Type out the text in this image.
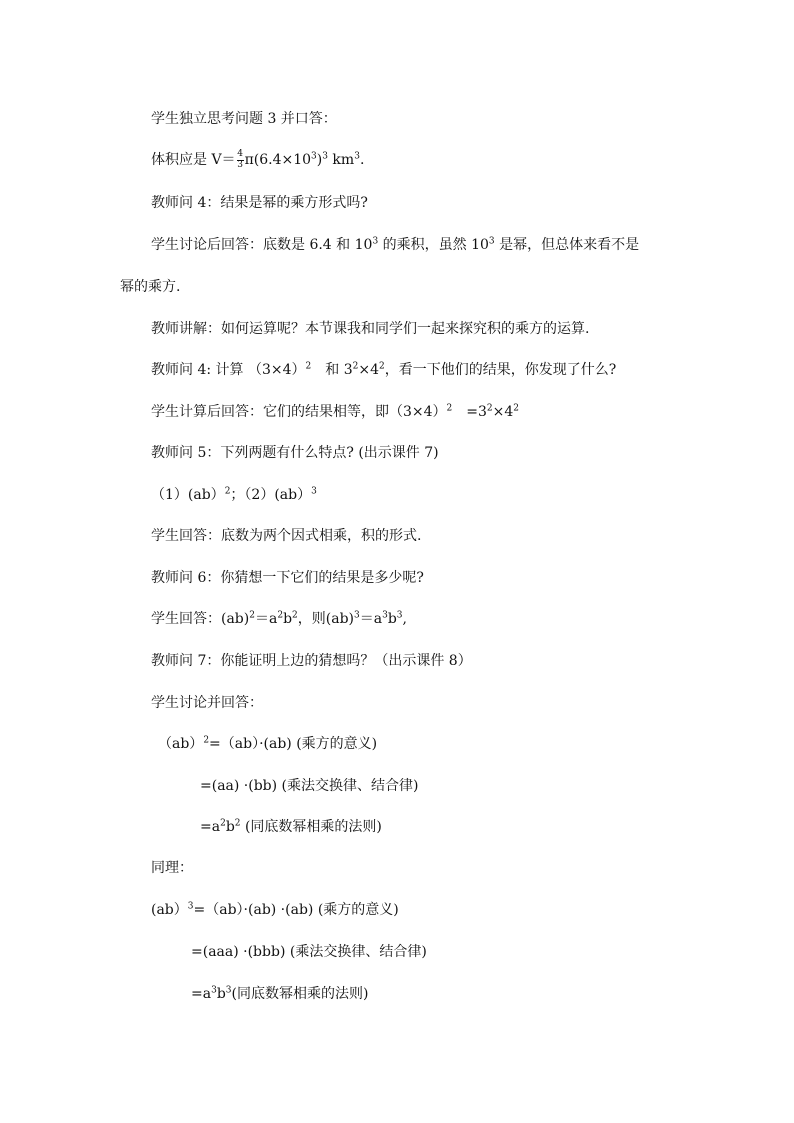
学生独立思考问题 3 并口答：
体积应是 $V= \frac{4}{3} \pi(6.4\times 10^3)^3$ $km^3$.
教师问 4：结果是幂的乘方形式吗?
学生讨论后回答：底数是 6.4 和 $10^3$ 的乘积，虽然 $10^3$ 是幂，但总体来看不是
幂的乘方.
教师讲解：如何运算呢？本节课我和同学们一起来探究积的乘方的运算.
教师问 4: 计算 $(3\times 4)^2$　和 $3^2\times 4^2$，看一下他们的结果，你发现了什么?
学生计算后回答：它们的结果相等，即$(3\times 4)^2$　$=3^2\times 4^2$
教师问 5：下列两题有什么特点? (出示课件 7)
（1）(ab）$^2$；（2）(ab）$^3$
学生回答：底数为两个因式相乘，积的形式.
教师问 6：你猜想一下它们的结果是多少呢?
学生回答：$(ab)^2=a^2b^2$，则$(ab)^3=a^3b^3$,
教师问 7：你能证明上边的猜想吗？（出示课件 8）
学生讨论并回答：
（ab）$^2$=（ab）·(ab) (乘方的意义)
=(aa) ·(bb) (乘法交换律、结合律)
$=a^2b^2$ (同底数幂相乘的法则)
同理：
(ab）$^3$=（ab）·(ab) ·(ab) (乘方的意义)
=(aaa) ·(bbb) (乘法交换律、结合律)
$=a^3b^3$(同底数幂相乘的法则)
